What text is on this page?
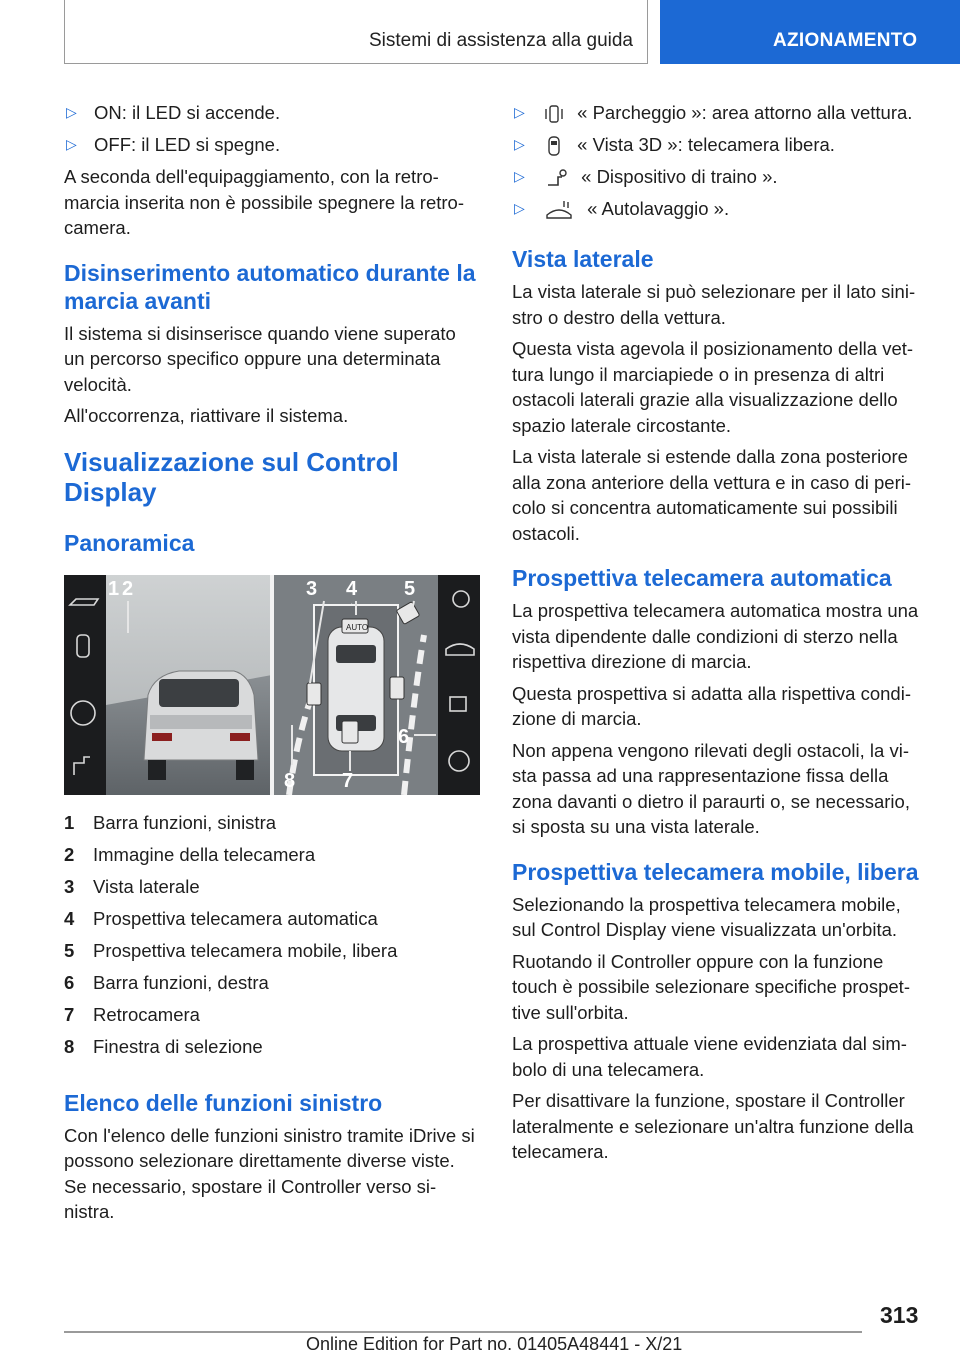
Sistemi di assistenza alla guida	AZIONAMENTO
▷ ON: il LED si accende.
▷ OFF: il LED si spegne.

A seconda dell'equipaggiamento, con la retromarcia inserita non è possibile spegnere la retrocamera.

Disinserimento automatico durante la marcia avanti

Il sistema si disinserisce quando viene superato un percorso specifico oppure una determinata velocità.

All'occorrenza, riattivare il sistema.

Visualizzazione sul Control Display
Panoramica
AUTO
1 2	3 4 5
6
7
8
1	Barra funzioni, sinistra
2	Immagine della telecamera
3	Vista laterale
4	Prospettiva telecamera automatica
5	Prospettiva telecamera mobile, libera
6	Barra funzioni, destra
7	Retrocamera
8	Finestra di selezione
Elenco delle funzioni sinistro

Con l'elenco delle funzioni sinistro tramite iDrive si possono selezionare direttamente diverse viste. Se necessario, spostare il Controller verso sinistra.

▷	« Parcheggio »: area attorno alla vettura.
▷	« Vista 3D »: telecamera libera.
▷	« Dispositivo di traino ».
▷	« Autolavaggio ».
Vista laterale

La vista laterale si può selezionare per il lato sinistro o destro della vettura.

Questa vista agevola il posizionamento della vettura lungo il marciapiede o in presenza di altri ostacoli laterali grazie alla visualizzazione dello spazio laterale circostante.

La vista laterale si estende dalla zona posteriore alla zona anteriore della vettura e in caso di pericolo si concentra automaticamente sui possibili ostacoli.

Prospettiva telecamera automatica

La prospettiva telecamera automatica mostra una vista dipendente dalle condizioni di sterzo nella rispettiva direzione di marcia.

Questa prospettiva si adatta alla rispettiva condizione di marcia.

Non appena vengono rilevati degli ostacoli, la vista passa ad una rappresentazione fissa della zona davanti o dietro il paraurti o, se necessario, si sposta su una vista laterale.

Prospettiva telecamera mobile, libera

Selezionando la prospettiva telecamera mobile, sul Control Display viene visualizzata un'orbita.

Ruotando il Controller oppure con la funzione touch è possibile selezionare specifiche prospettive sull'orbita.

La prospettiva attuale viene evidenziata dal simbolo di una telecamera.

Per disattivare la funzione, spostare il Controller lateralmente e selezionare un'altra funzione della telecamera.

313
Online Edition for Part no. 01405A48441 - X/21
